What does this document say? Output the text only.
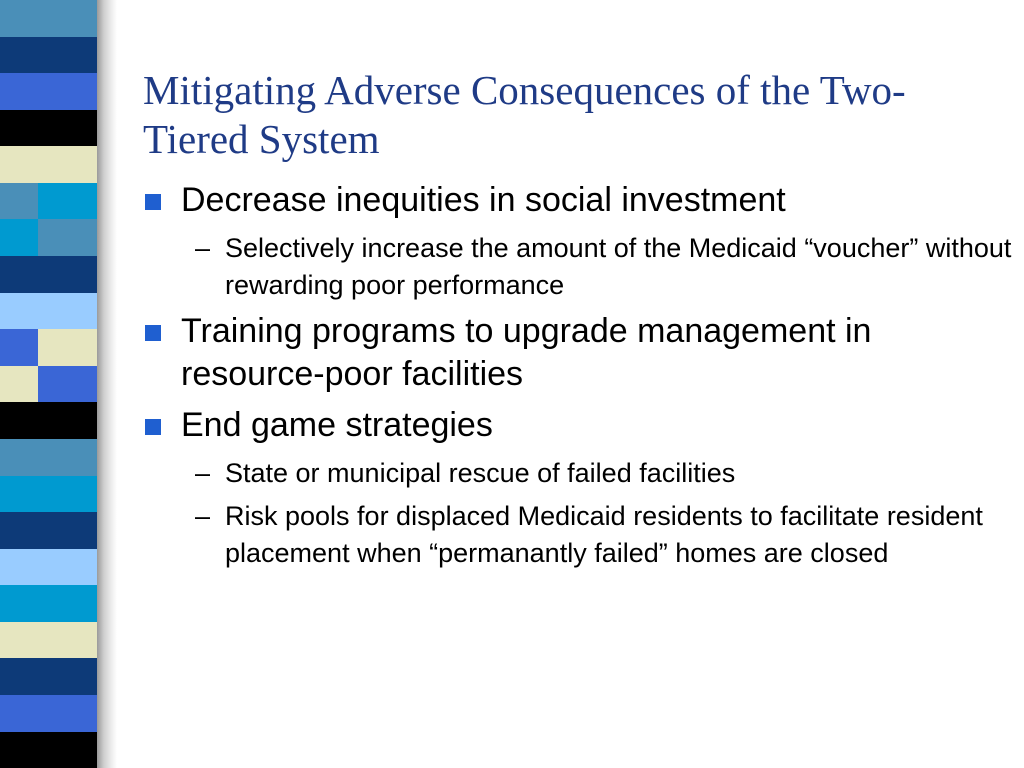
Mitigating Adverse Consequences of the Two-Tiered System
Decrease inequities in social investment
– Selectively increase the amount of the Medicaid “voucher” without rewarding poor performance
Training programs to upgrade management in resource-poor facilities
End game strategies
– State or municipal rescue of failed facilities
– Risk pools for displaced Medicaid residents to facilitate resident placement when “permanantly failed” homes are closed
